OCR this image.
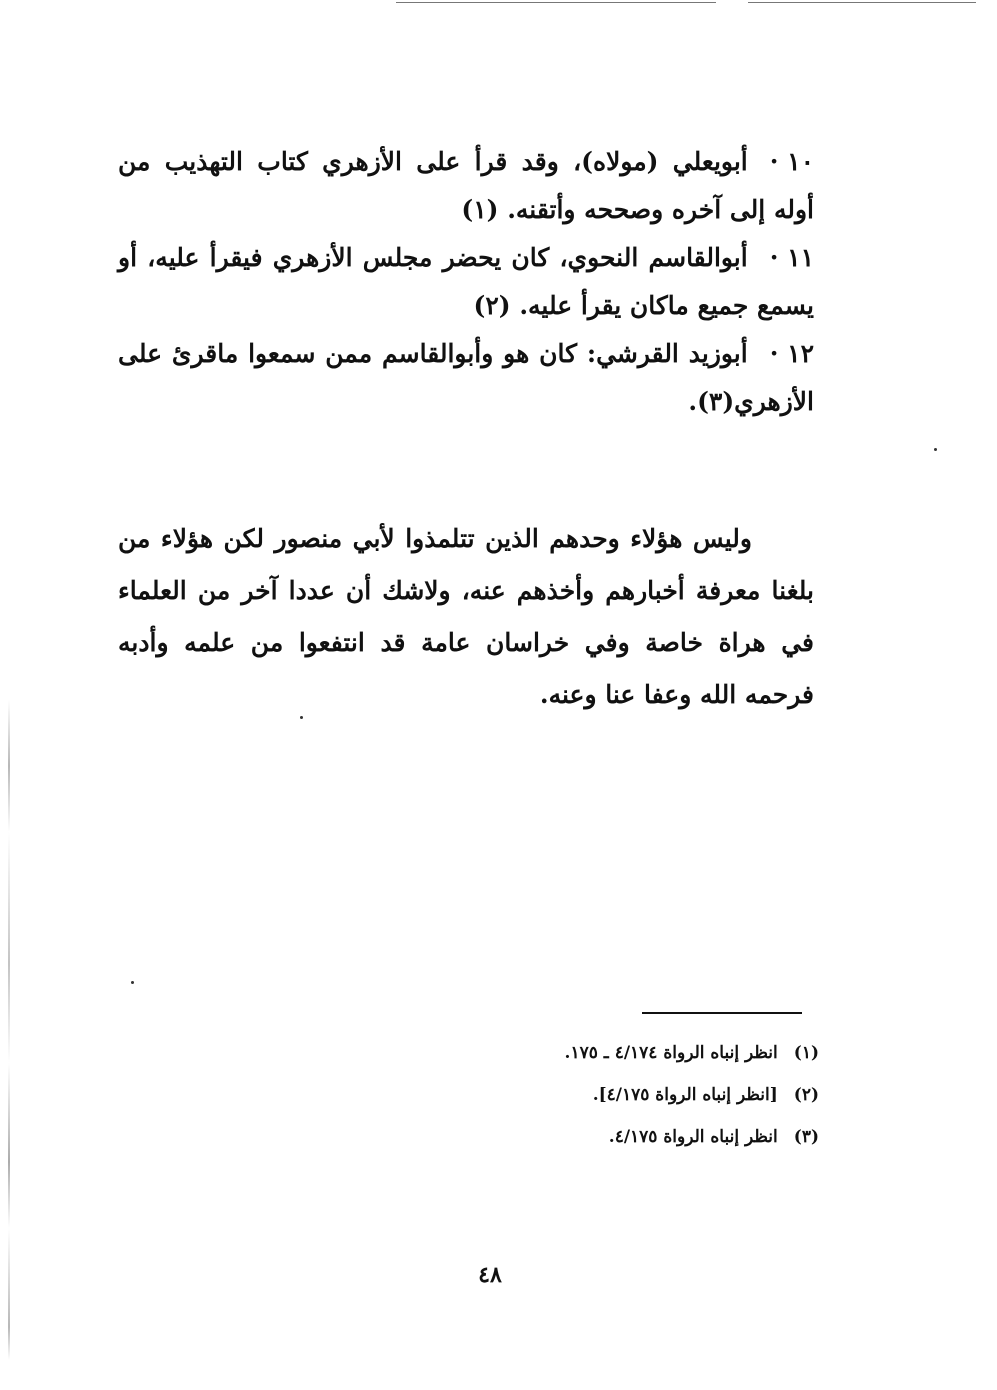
١٠ ·أبويعلي (مولاه)، وقد قرأ على الأزهري كتاب التهذيب من أوله إلى آخره وصححه وأتقنه. (١)

١١ ·أبوالقاسم النحوي، كان يحضر مجلس الأزهري فيقرأ عليه، أو يسمع جميع ماكان يقرأ عليه. (٢)

١٢ ·أبوزيد القرشي: كان هو وأبوالقاسم ممن سمعوا ماقرئ على الأزهري(٣).

وليس هؤلاء وحدهم الذين تتلمذوا لأبي منصور لكن هؤلاء من بلغنا معرفة أخبارهم وأخذهم عنه، ولاشك أن عددا آخر من العلماء في هراة خاصة وفي خراسان عامة قد انتفعوا من علمه وأدبه فرحمه الله وعفا عنا وعنه.

(١)انظر إنباه الرواة ٤/١٧٤ ـ ١٧٥.

(٢)[انظر إنباه الرواة ٤/١٧٥].

(٣)انظر إنباه الرواة ٤/١٧٥.

٤٨
